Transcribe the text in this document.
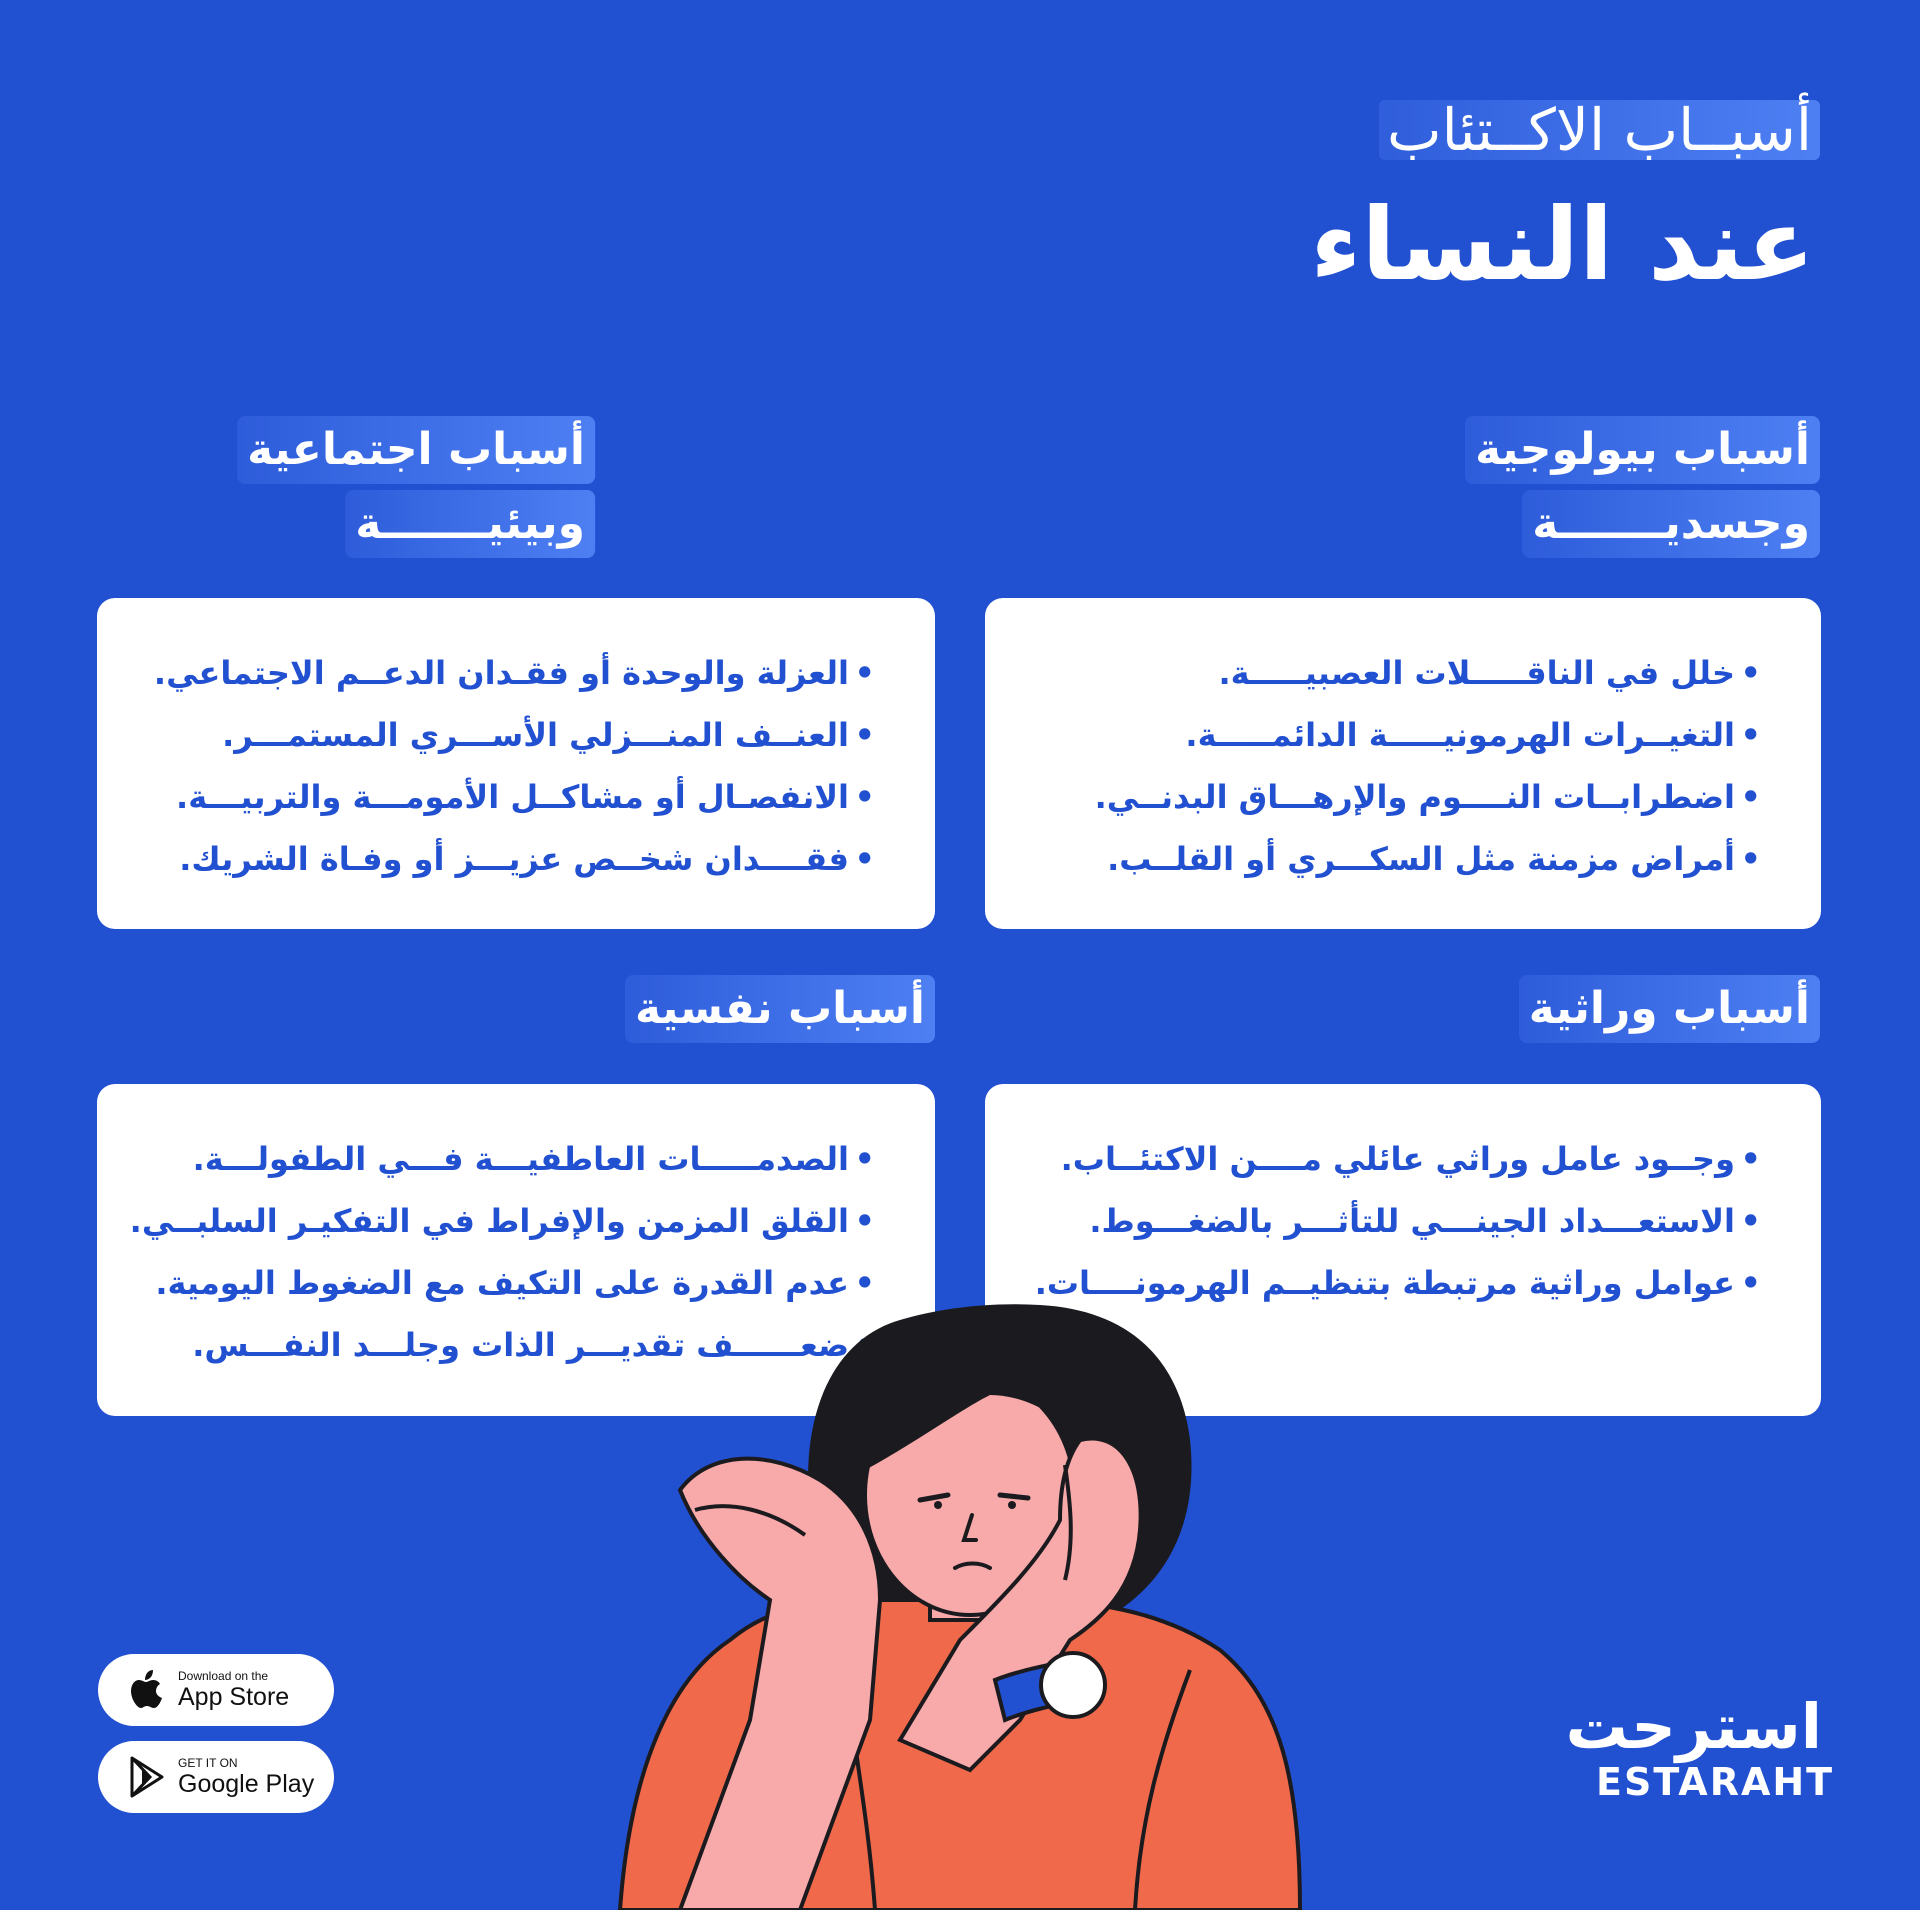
أسبــاب الاكــتئاب
عند النساء
أسباب بيولوجية
وجسديـــــــة
• خلل في الناقـــــلات العصبيـــــة.
• التغيــرات الهرمونيـــــة الدائمـــــة.
• اضطرابــات النــــوم والإرهـــاق البدنــي.
• أمراض مزمنة مثل السكـــري أو القلــب.
أسباب اجتماعية
وبيئيـــــــة
• العزلة والوحدة أو فقـدان الدعــم الاجتماعي.
• العنــف المنـــزلي الأســـري المستمـــر.
• الانفصـال أو مشاكــل الأمومـــة والتربيـــة.
• فقــــدان شخــص عزيـــز أو وفـاة الشريك.
أسباب وراثية
• وجــود عامل وراثي عائلي مــــن الاكتئــاب.
• الاستعـــداد الجينـــي للتأثـــر بالضغـــوط.
• عوامل وراثية مرتبطة بتنظيــم الهرمونــــات.
أسباب نفسية
• الصدمـــــات العاطفيـــة فـــي الطفولـــة.
• القلق المزمن والإفراط في التفكيـر السلبــي.
• عدم القدرة على التكيف مع الضغوط اليومية.
• ضعــــــف تقديـــر الذات وجلـــد النفـــس.
Download on the
App Store
GET IT ON
Google Play
استرحت
ESTARAHT
